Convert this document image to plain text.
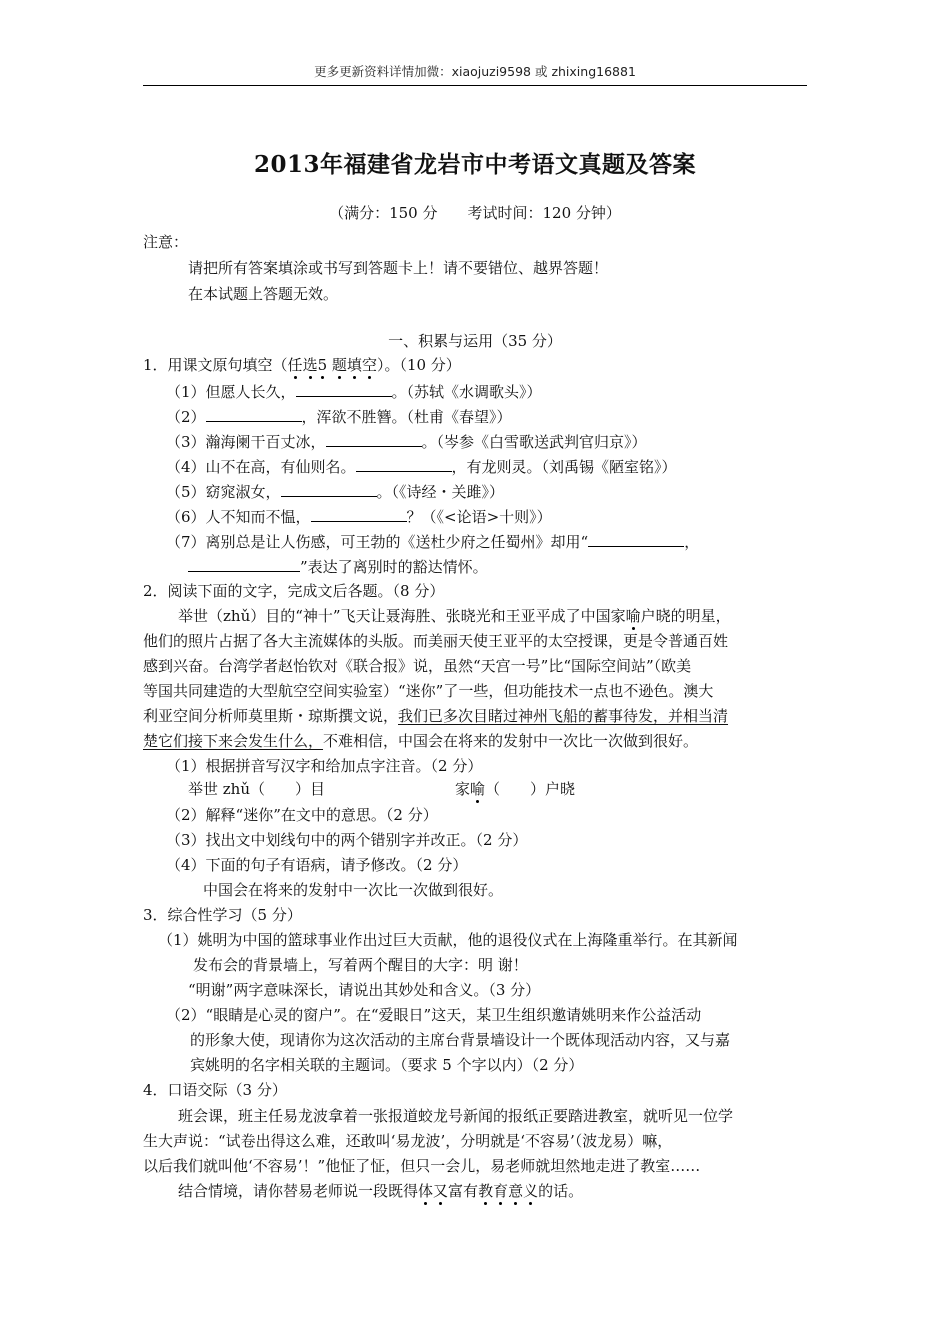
更多更新资料详情加微：xiaojuzi9598 或 zhixing16881
2013年福建省龙岩市中考语文真题及答案
（满分：150 分　　考试时间：120 分钟）
注意：
请把所有答案填涂或书写到答题卡上！请不要错位、越界答题！
在本试题上答题无效。
一、积累与运用（35 分）
1．用课文原句填空（任选5 题填空）。（10 分）
（1）但愿人长久，	。（苏轼《水调歌头》）
（2）	，浑欲不胜簪。（杜甫《春望》）
（3）瀚海阑干百丈冰，	。（岑参《白雪歌送武判官归京》）
（4）山不在高，有仙则名。	，有龙则灵。（刘禹锡《陋室铭》）
（5）窈窕淑女，	。（《诗经・关雎》）
（6）人不知而不愠，	？（《<论语>十则》）
（7）离别总是让人伤感，可王勃的《送杜少府之任蜀州》却用“	，
”表达了离别时的豁达情怀。
2．阅读下面的文字，完成文后各题。（8 分）
举世（zhǔ）目的“神十”飞天让聂海胜、张晓光和王亚平成了中国家喻户晓的明星，
他们的照片占据了各大主流媒体的头版。而美丽天使王亚平的太空授课，更是令普通百姓
感到兴奋。台湾学者赵怡钦对《联合报》说，虽然“天宫一号”比“国际空间站”（欧美
等国共同建造的大型航空空间实验室）“迷你”了一些，但功能技术一点也不逊色。澳大
利亚空间分析师莫里斯・琼斯撰文说，我们已多次目睹过神州飞船的蓄事待发，并相当清
楚它们接下来会发生什么，不难相信，中国会在将来的发射中一次比一次做到很好。
（1）根据拼音写汉字和给加点字注音。（2 分）
举世 zhǔ（　　）目	家喻（　　）户晓
（2）解释“迷你”在文中的意思。（2 分）
（3）找出文中划线句中的两个错别字并改正。（2 分）
（4）下面的句子有语病，请予修改。（2 分）
中国会在将来的发射中一次比一次做到很好。
3．综合性学习（5 分）
（1）姚明为中国的篮球事业作出过巨大贡献，他的退役仪式在上海隆重举行。在其新闻
发布会的背景墙上，写着两个醒目的大字：明 谢！
“明谢”两字意味深长，请说出其妙处和含义。（3 分）
（2）“眼睛是心灵的窗户”。在“爱眼日”这天，某卫生组织邀请姚明来作公益活动
的形象大使，现请你为这次活动的主席台背景墙设计一个既体现活动内容，又与嘉
宾姚明的名字相关联的主题词。（要求 5 个字以内）（2 分）
4．口语交际（3 分）
班会课，班主任易龙波拿着一张报道蛟龙号新闻的报纸正要踏进教室，就听见一位学
生大声说：“试卷出得这么难，还敢叫‘易龙波’，分明就是‘不容易’（波龙易）嘛，
以后我们就叫他‘不容易’！”他怔了怔，但只一会儿，易老师就坦然地走进了教室……
结合情境，请你替易老师说一段既得体又富有教育意义的话。
